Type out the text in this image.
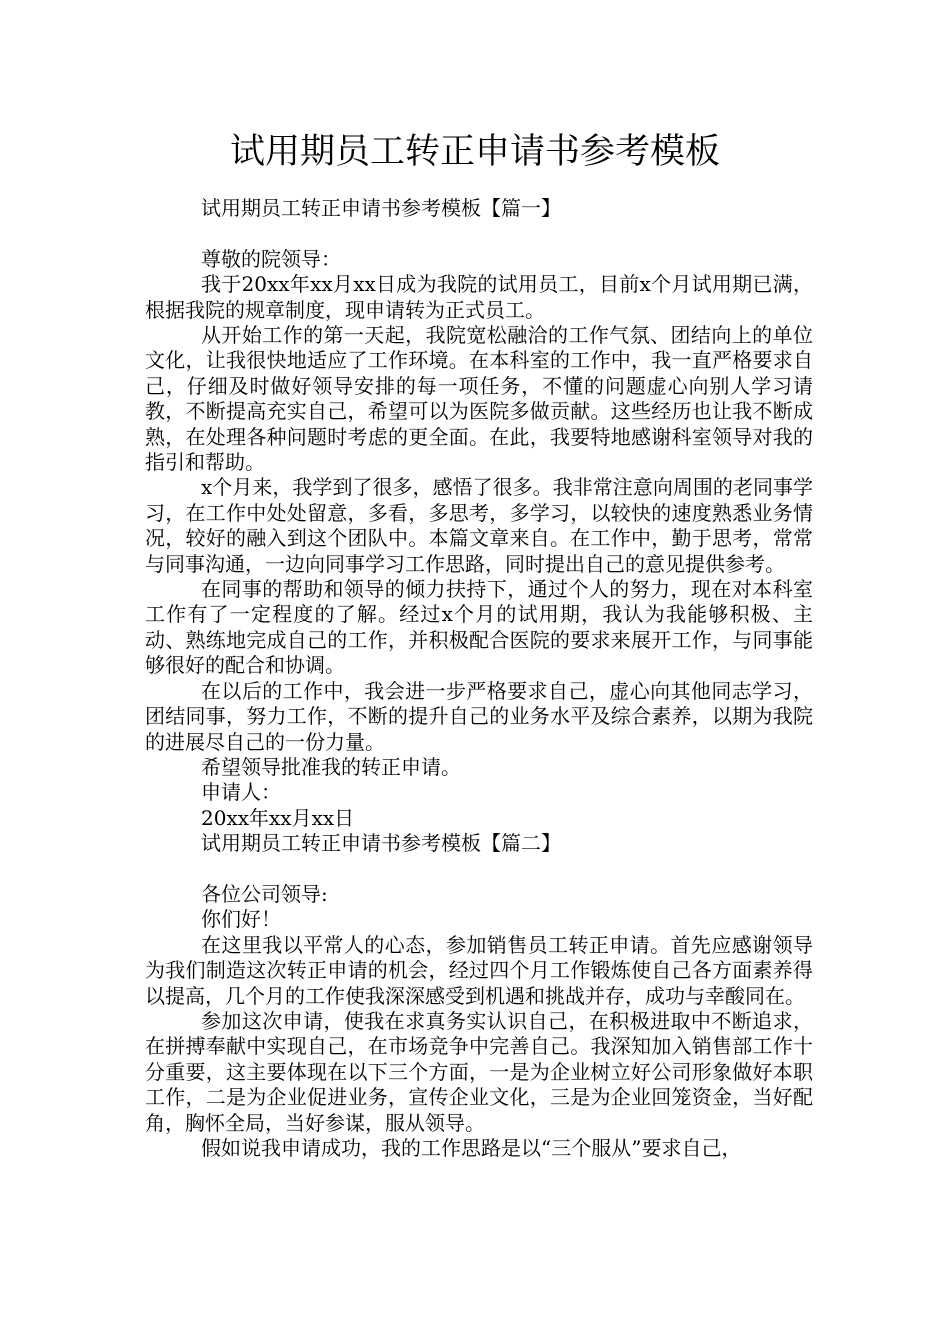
试用期员工转正申请书参考模板

试用期员工转正申请书参考模板【篇一】

尊敬的院领导：

我于20xx年xx月xx日成为我院的试用员工，目前x个月试用期已满，根据我院的规章制度，现申请转为正式员工。

从开始工作的第一天起，我院宽松融洽的工作气氛、团结向上的单位文化，让我很快地适应了工作环境。在本科室的工作中，我一直严格要求自己，仔细及时做好领导安排的每一项任务，不懂的问题虚心向别人学习请教，不断提高充实自己，希望可以为医院多做贡献。这些经历也让我不断成熟，在处理各种问题时考虑的更全面。在此，我要特地感谢科室领导对我的指引和帮助。

x个月来，我学到了很多，感悟了很多。我非常注意向周围的老同事学习，在工作中处处留意，多看，多思考，多学习，以较快的速度熟悉业务情况，较好的融入到这个团队中。本篇文章来自。在工作中，勤于思考，常常与同事沟通，一边向同事学习工作思路，同时提出自己的意见提供参考。

在同事的帮助和领导的倾力扶持下，通过个人的努力，现在对本科室工作有了一定程度的了解。经过x个月的试用期，我认为我能够积极、主动、熟练地完成自己的工作，并积极配合医院的要求来展开工作，与同事能够很好的配合和协调。

在以后的工作中，我会进一步严格要求自己，虚心向其他同志学习，团结同事，努力工作，不断的提升自己的业务水平及综合素养，以期为我院的进展尽自己的一份力量。

希望领导批准我的转正申请。

申请人：

20xx年xx月xx日

试用期员工转正申请书参考模板【篇二】

各位公司领导:

你们好！

在这里我以平常人的心态，参加销售员工转正申请。首先应感谢领导为我们制造这次转正申请的机会，经过四个月工作锻炼使自己各方面素养得以提高，几个月的工作使我深深感受到机遇和挑战并存，成功与幸酸同在。

参加这次申请，使我在求真务实认识自己，在积极进取中不断追求，在拼搏奉献中实现自己，在市场竞争中完善自己。我深知加入销售部工作十分重要，这主要体现在以下三个方面，一是为企业树立好公司形象做好本职工作，二是为企业促进业务，宣传企业文化，三是为企业回笼资金，当好配角，胸怀全局，当好参谋，服从领导。

假如说我申请成功，我的工作思路是以“三个服从”要求自己，
